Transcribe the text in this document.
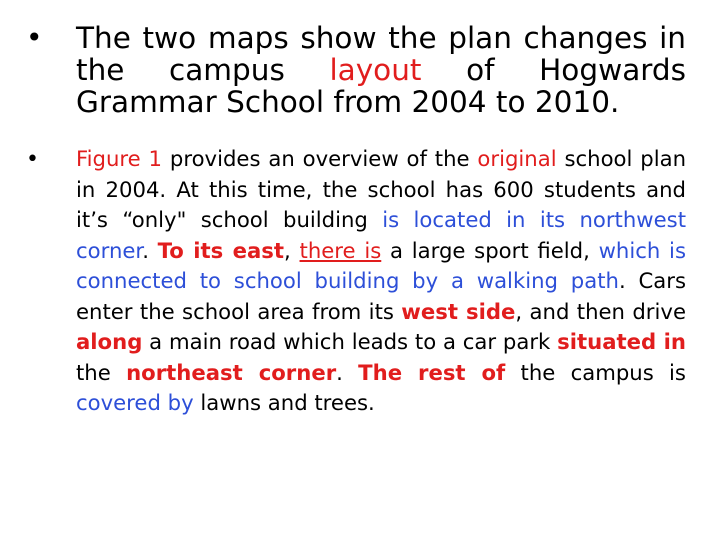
•	The two maps show the plan changes in the campus layout of Hogwards Grammar School from 2004 to 2010.

•	Figure 1 provides an overview of the original school plan in 2004. At this time, the school has 600 students and it’s “only" school building is located in its northwest corner. To its east, there is a large sport field, which is connected to school building by a walking path. Cars enter the school area from its west side, and then drive along a main road which leads to a car park situated in the northeast corner. The rest of the campus is covered by lawns and trees.
